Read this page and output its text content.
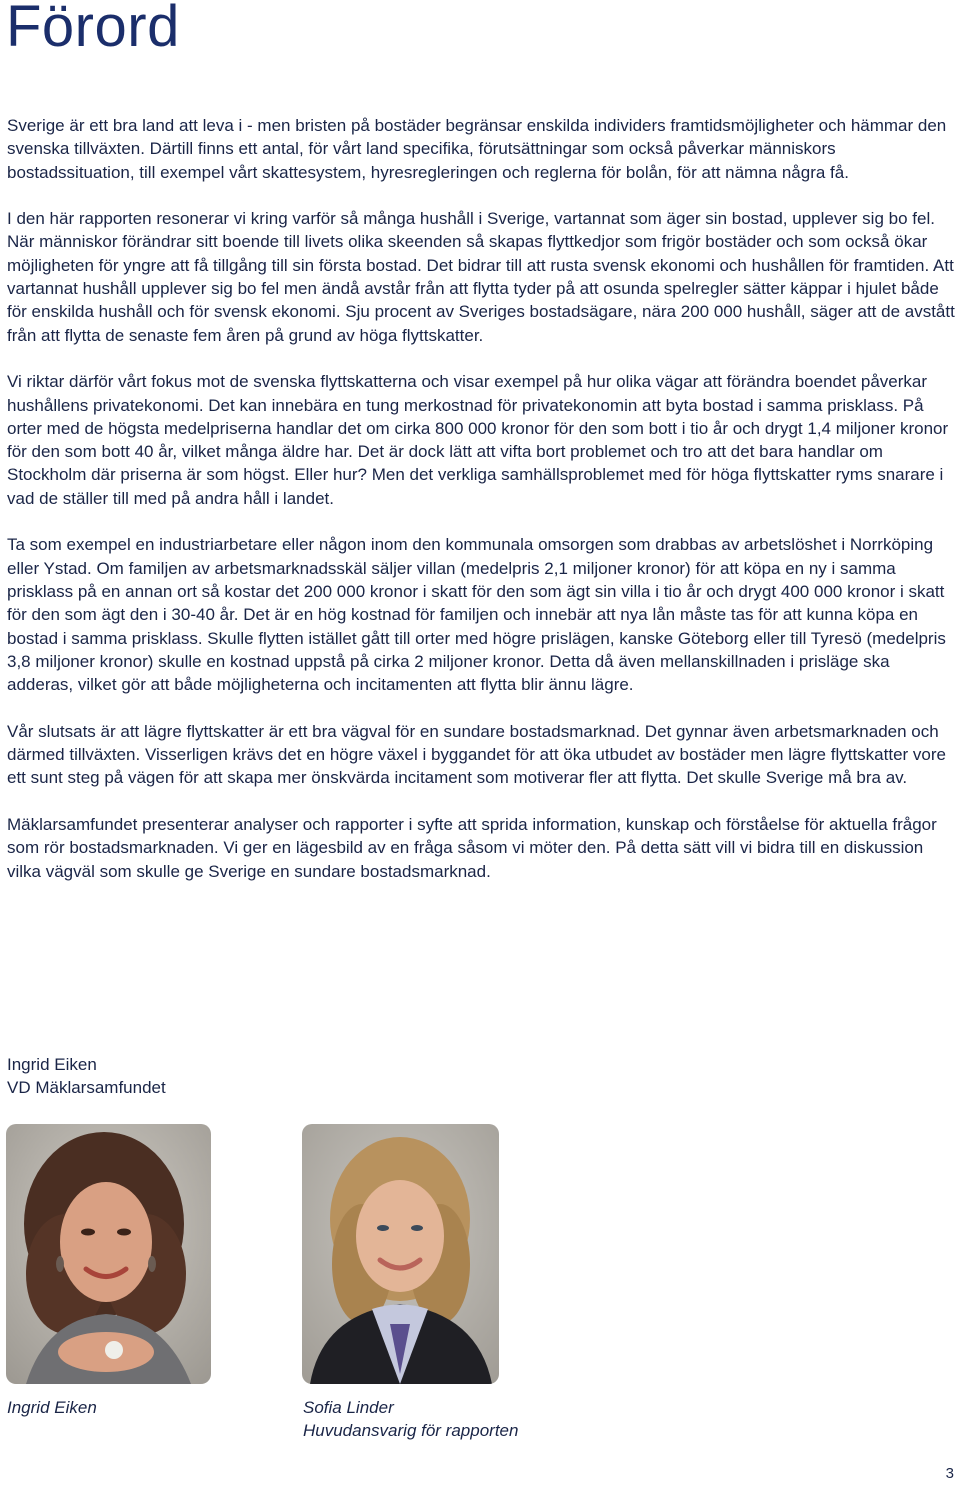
Förord

Sverige är ett bra land att leva i - men bristen på bostäder begränsar enskilda individers framtidsmöjligheter och hämmar den svenska tillväxten. Därtill finns ett antal, för vårt land specifika, förutsättningar som också påverkar människors bostadssituation, till exempel vårt skattesystem, hyresregleringen och reglerna för bolån, för att nämna några få.

I den här rapporten resonerar vi kring varför så många hushåll i Sverige, vartannat som äger sin bostad, upplever sig bo fel. När människor förändrar sitt boende till livets olika skeenden så skapas flyttkedjor som frigör bostäder och som också ökar möjligheten för yngre att få tillgång till sin första bostad. Det bidrar till att rusta svensk ekonomi och hushållen för framtiden. Att vartannat hushåll upplever sig bo fel men ändå avstår från att flytta tyder på att osunda spelregler sätter käppar i hjulet både för enskilda hushåll och för svensk ekonomi. Sju procent av Sveriges bostadsägare, nära 200 000 hushåll, säger att de avstått från att flytta de senaste fem åren på grund av höga flyttskatter.

Vi riktar därför vårt fokus mot de svenska flyttskatterna och visar exempel på hur olika vägar att förändra boendet påverkar hushållens privatekonomi. Det kan innebära en tung merkostnad för privatekonomin att byta bostad i samma prisklass. På orter med de högsta medelpriserna handlar det om cirka 800 000 kronor för den som bott i tio år och drygt 1,4 miljoner kronor för den som bott 40 år, vilket många äldre har. Det är dock lätt att vifta bort problemet och tro att det bara handlar om Stockholm där priserna är som högst. Eller hur? Men det verkliga samhällsproblemet med för höga flyttskatter ryms snarare i vad de ställer till med på andra håll i landet.

Ta som exempel en industriarbetare eller någon inom den kommunala omsorgen som drabbas av arbetslöshet i Norrköping eller Ystad. Om familjen av arbetsmarknadsskäl säljer villan (medelpris 2,1 miljoner kronor) för att köpa en ny i samma prisklass på en annan ort så kostar det 200 000 kronor i skatt för den som ägt sin villa i tio år och drygt 400 000 kronor i skatt för den som ägt den i 30-40 år. Det är en hög kostnad för familjen och innebär att nya lån måste tas för att kunna köpa en bostad i samma prisklass. Skulle flytten istället gått till orter med högre prislägen, kanske Göteborg eller till Tyresö (medelpris 3,8 miljoner kronor) skulle en kostnad uppstå på cirka 2 miljoner kronor. Detta då även mellanskillnaden i prisläge ska adderas, vilket gör att både möjligheterna och incitamenten att flytta blir ännu lägre.

Vår slutsats är att lägre flyttskatter är ett bra vägval för en sundare bostadsmarknad. Det gynnar även arbetsmarknaden och därmed tillväxten. Visserligen krävs det en högre växel i byggandet för att öka utbudet av bostäder men lägre flyttskatter vore ett sunt steg på vägen för att skapa mer önskvärda incitament som motiverar fler att flytta. Det skulle Sverige må bra av.

Mäklarsamfundet presenterar analyser och rapporter i syfte att sprida information, kunskap och förståelse för aktuella frågor som rör bostadsmarknaden. Vi ger en lägesbild av en fråga såsom vi möter den. På detta sätt vill vi bidra till en diskussion vilka vägväl som skulle ge Sverige en sundare bostadsmarknad.

Ingrid Eiken
VD Mäklarsamfundet
Ingrid Eiken	Sofia Linder
Huvudansvarig för rapporten
3
